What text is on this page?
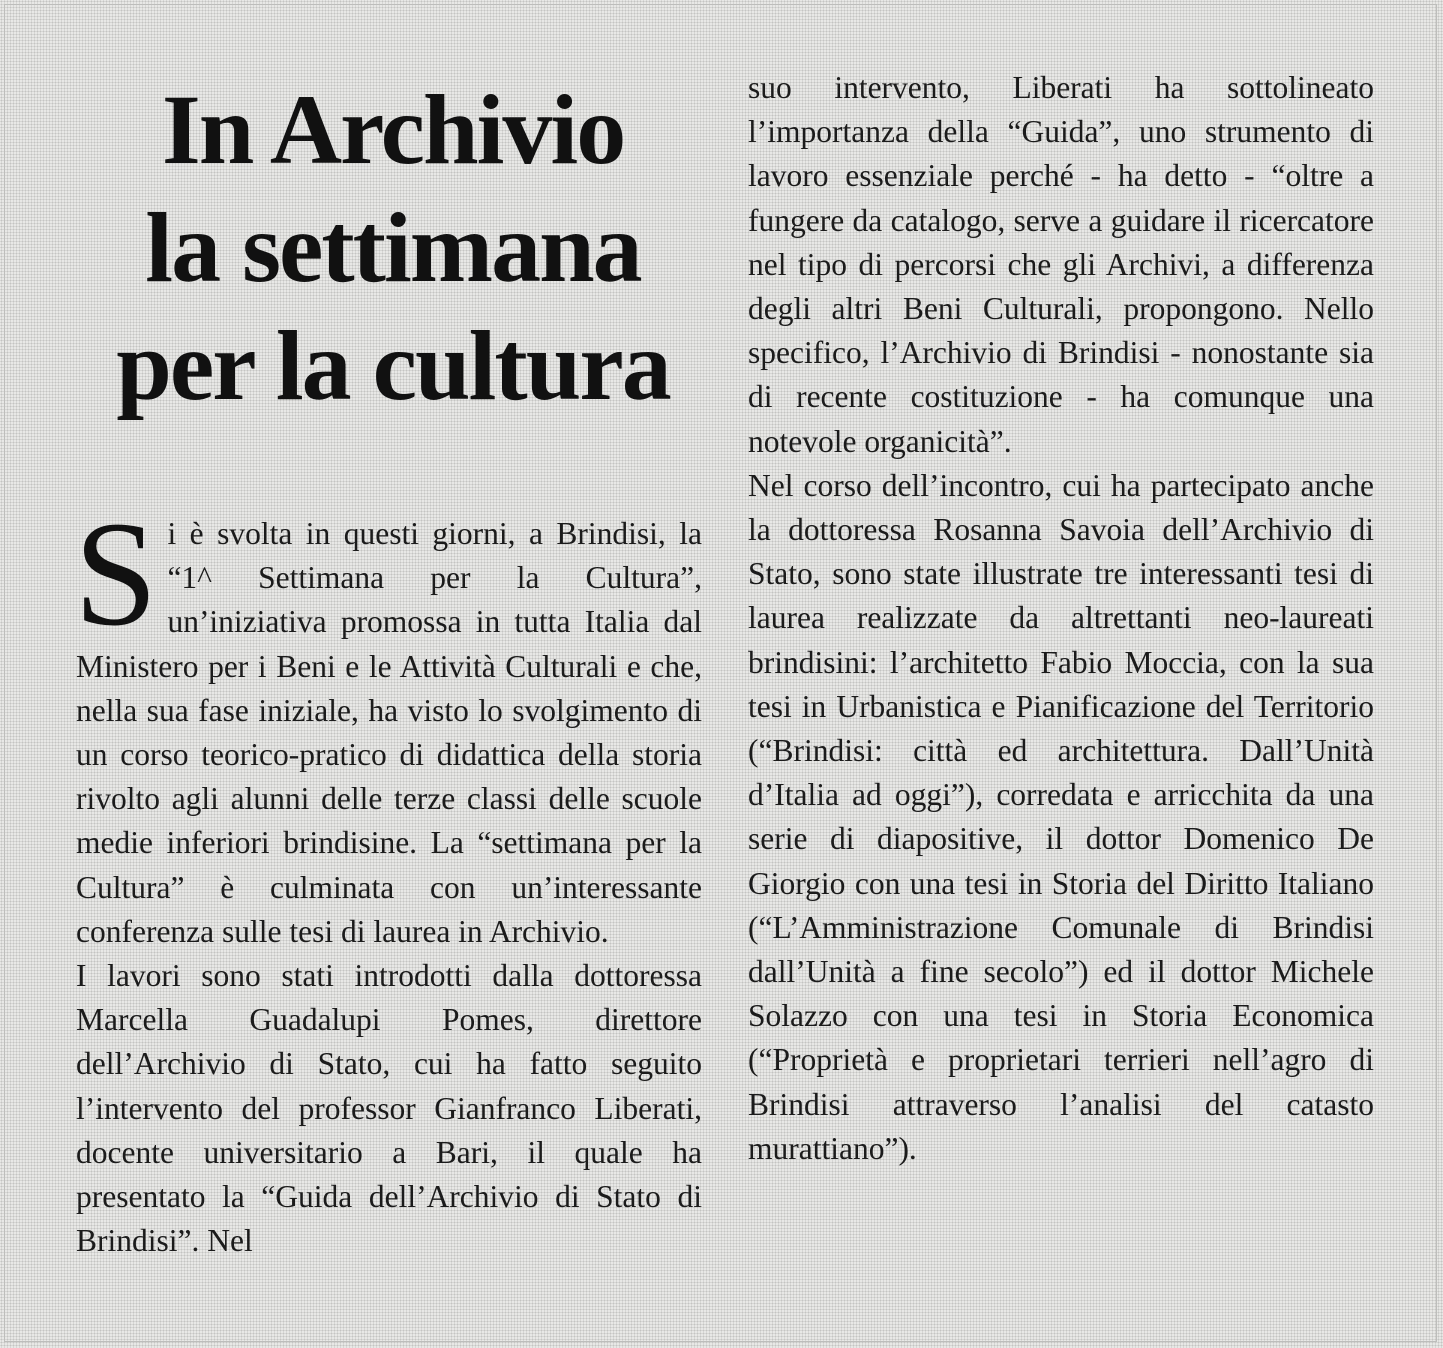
In Archivio
la settimana
per la cultura

Si è svolta in questi giorni, a Brindisi, la “1^ Settimana per la Cultura”, un’iniziativa promossa in tutta Italia dal Ministero per i Beni e le Attività Culturali e che, nella sua fase iniziale, ha visto lo svolgimento di un corso teorico-pratico di didattica della storia rivolto agli alunni delle terze classi delle scuole medie inferiori brindisine. La “settimana per la Cultura” è culminata con un’interessante conferenza sulle tesi di laurea in Archivio.

I lavori sono stati introdotti dalla dottoressa Marcella Guadalupi Pomes, direttore dell’Archivio di Stato, cui ha fatto seguito l’intervento del professor Gianfranco Liberati, docente universitario a Bari, il quale ha presentato la “Guida dell’Archivio di Stato di Brindisi”. Nel

suo intervento, Liberati ha sottolineato l’importanza della “Guida”, uno strumento di lavoro essenziale perché - ha detto - “oltre a fungere da catalogo, serve a guidare il ricercatore nel tipo di percorsi che gli Archivi, a differenza degli altri Beni Culturali, propongono. Nello specifico, l’Archivio di Brindisi - nonostante sia di recente costituzione - ha comunque una notevole organicità”.

Nel corso dell’incontro, cui ha partecipato anche la dottoressa Rosanna Savoia dell’Archivio di Stato, sono state illustrate tre interessanti tesi di laurea realizzate da altrettanti neo-laureati brindisini: l’architetto Fabio Moccia, con la sua tesi in Urbanistica e Pianificazione del Territorio (“Brindisi: città ed architettura. Dall’Unità d’Italia ad oggi”), corredata e arricchita da una serie di diapositive, il dottor Domenico De Giorgio con una tesi in Storia del Diritto Italiano (“L’Amministrazione Comunale di Brindisi dall’Unità a fine secolo”) ed il dottor Michele Solazzo con una tesi in Storia Economica (“Proprietà e proprietari terrieri nell’agro di Brindisi attraverso l’analisi del catasto murattiano”).
